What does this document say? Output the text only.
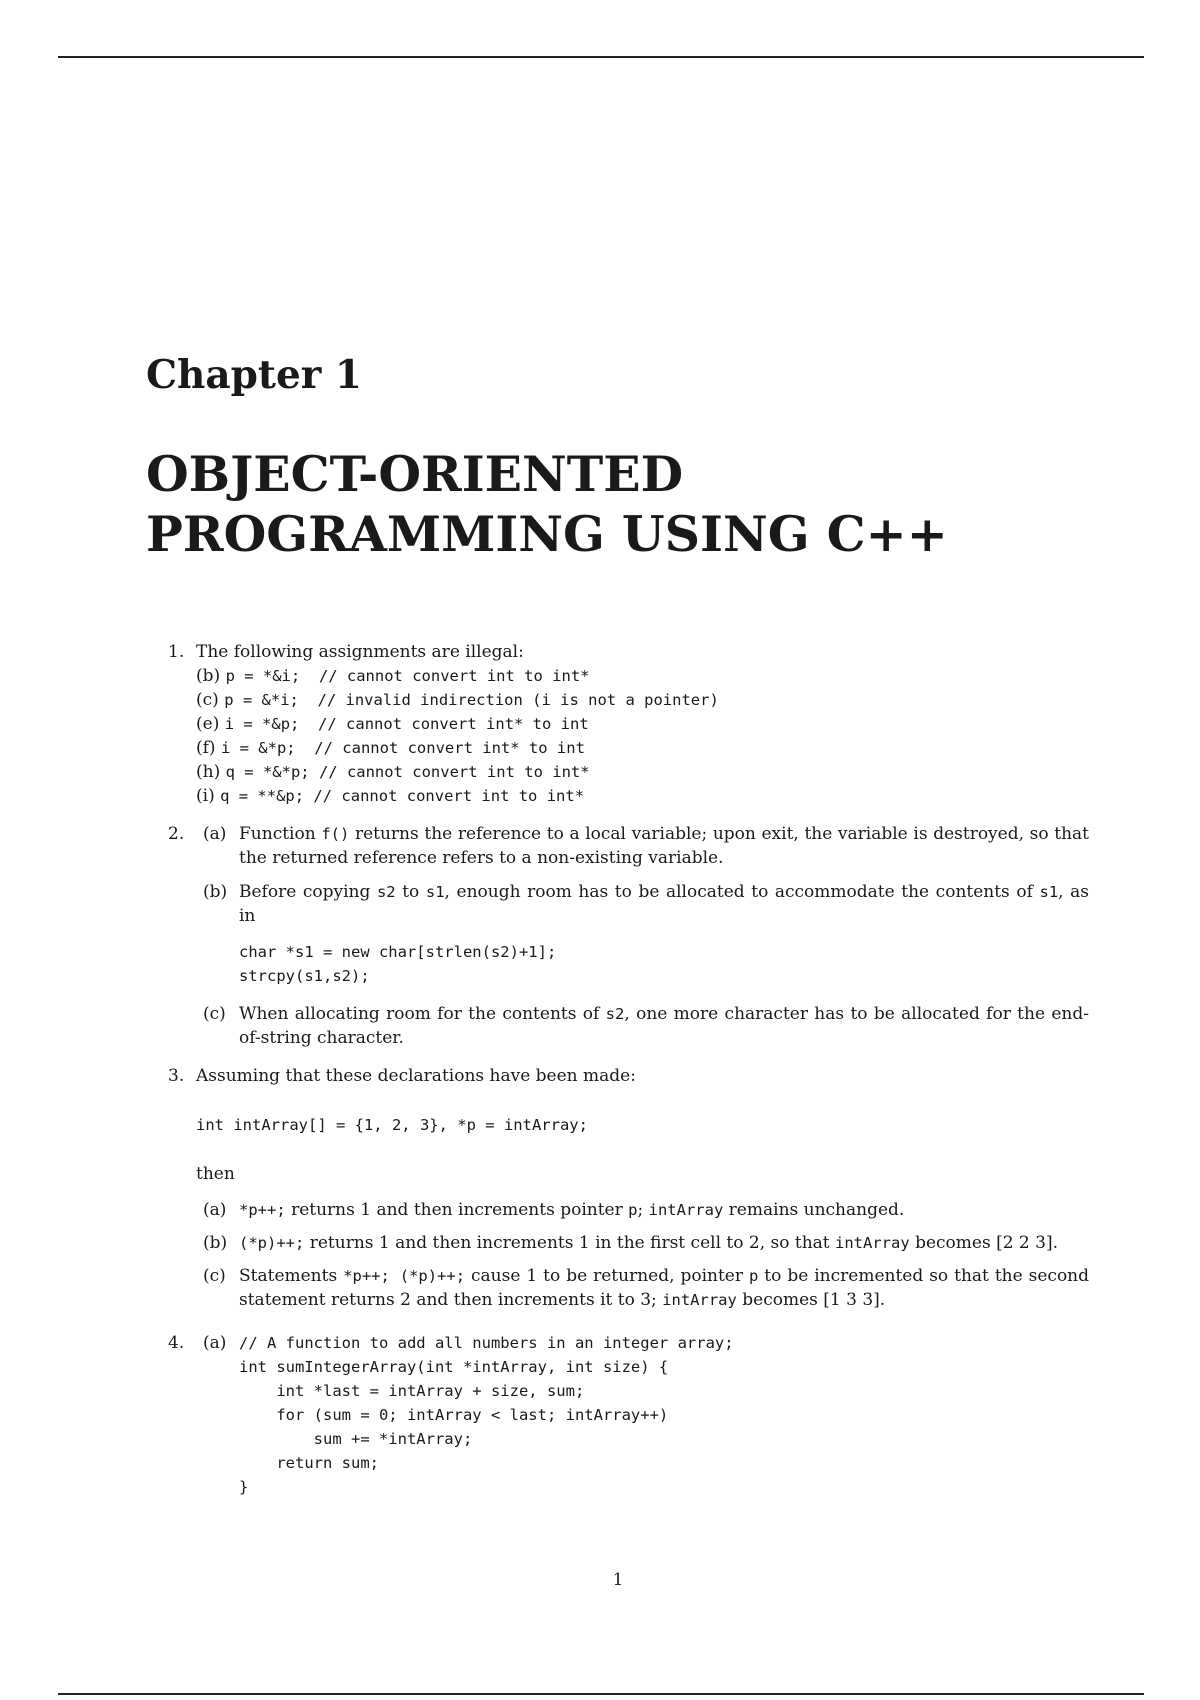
Chapter 1
OBJECT-ORIENTED
PROGRAMMING USING C++
1. The following assignments are illegal:
(b) p = *&i;  // cannot convert int to int*
(c) p = &*i;  // invalid indirection (i is not a pointer)
(e) i = *&p;  // cannot convert int* to int
(f) i = &*p;  // cannot convert int* to int
(h) q = *&*p; // cannot convert int to int*
(i) q = **&p; // cannot convert int to int*
2. (a) Function f() returns the reference to a local variable; upon exit, the variable is destroyed, so that the returned reference refers to a non-existing variable.
(b) Before copying s2 to s1, enough room has to be allocated to accommodate the contents of s1, as in
char *s1 = new char[strlen(s2)+1];
strcpy(s1,s2);
(c) When allocating room for the contents of s2, one more character has to be allocated for the end-of-string character.
3. Assuming that these declarations have been made:
int intArray[] = {1, 2, 3}, *p = intArray;
then
(a) *p++; returns 1 and then increments pointer p; intArray remains unchanged.
(b) (*p)++; returns 1 and then increments 1 in the first cell to 2, so that intArray becomes [2 2 3].
(c) Statements *p++; (*p)++; cause 1 to be returned, pointer p to be incremented so that the second statement returns 2 and then increments it to 3; intArray becomes [1 3 3].
4. (a) // A function to add all numbers in an integer array;
int sumIntegerArray(int *intArray, int size) {
int *last = intArray + size, sum;
for (sum = 0; intArray < last; intArray++)
sum += *intArray;
return sum;
}
1
